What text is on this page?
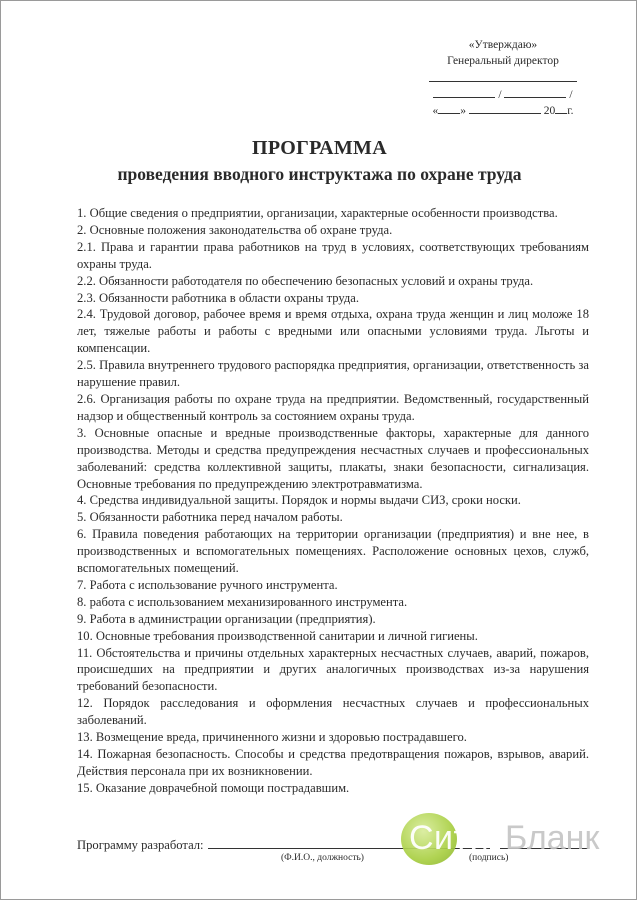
«Утверждаю»
Генеральный директор
/	/
« »	20 г.
ПРОГРАММА
проведения вводного инструктажа по охране труда

1. Общие сведения о предприятии, организации, характерные особенности производства.

2. Основные положения законодательства об охране труда.

2.1. Права и гарантии права работников на труд в условиях, соответствующих требованиям охраны труда.

2.2. Обязанности работодателя по обеспечению безопасных условий и охраны труда.

2.3. Обязанности работника в области охраны труда.

2.4. Трудовой договор, рабочее время и время отдыха, охрана труда женщин и лиц моложе 18 лет, тяжелые работы и работы с вредными или опасными условиями труда. Льготы и компенсации.

2.5. Правила внутреннего трудового распорядка предприятия, организации, ответственность за нарушение правил.

2.6. Организация работы по охране труда на предприятии. Ведомственный, государственный надзор и общественный контроль за состоянием охраны труда.

3. Основные опасные и вредные производственные факторы, характерные для данного производства. Методы и средства предупреждения несчастных случаев и профессиональных заболеваний: средства коллективной защиты, плакаты, знаки безопасности, сигнализация. Основные требования по предупреждению электротравматизма.

4. Средства индивидуальной защиты. Порядок и нормы выдачи СИЗ, сроки носки.

5. Обязанности работника перед началом работы.

6. Правила поведения работающих на территории организации (предприятия) и вне нее, в производственных и вспомогательных помещениях. Расположение основных цехов, служб, вспомогательных помещений.

7. Работа с использование ручного инструмента.

8. работа с использованием механизированного инструмента.

9. Работа в администрации организации (предприятия).

10. Основные требования производственной санитарии и личной гигиены.

11. Обстоятельства и причины отдельных характерных несчастных случаев, аварий, пожаров, происшедших на предприятии и других аналогичных производствах из-за нарушения требований безопасности.

12. Порядок расследования и оформления несчастных случаев и профессиональных заболеваний.

13. Возмещение вреда, причиненного жизни и здоровью пострадавшего.

14. Пожарная безопасность. Способы и средства предотвращения пожаров, взрывов, аварий. Действия персонала при их возникновении.

15. Оказание доврачебной помощи пострадавшим.

Программу разработал:
(Ф.И.О., должность)	(подпись)
Сити Бланк
